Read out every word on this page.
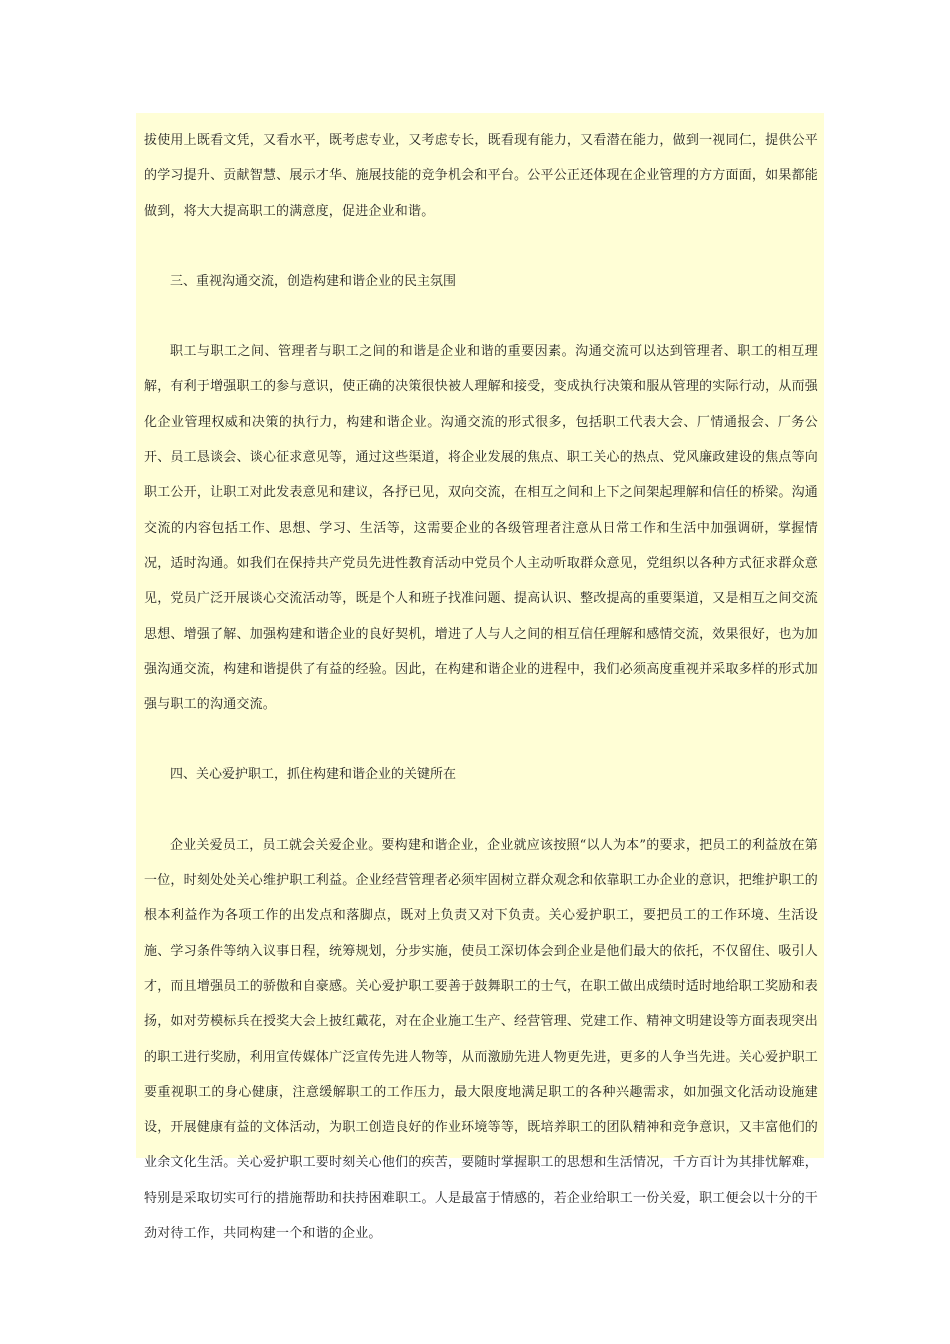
拔使用上既看文凭，又看水平，既考虑专业，又考虑专长，既看现有能力，又看潜在能力，做到一视同仁，提供公平的学习提升、贡献智慧、展示才华、施展技能的竞争机会和平台。公平公正还体现在企业管理的方方面面，如果都能做到，将大大提高职工的满意度，促进企业和谐。

三、重视沟通交流，创造构建和谐企业的民主氛围

职工与职工之间、管理者与职工之间的和谐是企业和谐的重要因素。沟通交流可以达到管理者、职工的相互理解，有利于增强职工的参与意识，使正确的决策很快被人理解和接受，变成执行决策和服从管理的实际行动，从而强化企业管理权威和决策的执行力，构建和谐企业。沟通交流的形式很多，包括职工代表大会、厂情通报会、厂务公开、员工恳谈会、谈心征求意见等，通过这些渠道，将企业发展的焦点、职工关心的热点、党风廉政建设的焦点等向职工公开，让职工对此发表意见和建议，各抒已见，双向交流，在相互之间和上下之间架起理解和信任的桥梁。沟通交流的内容包括工作、思想、学习、生活等，这需要企业的各级管理者注意从日常工作和生活中加强调研，掌握情况，适时沟通。如我们在保持共产党员先进性教育活动中党员个人主动听取群众意见，党组织以各种方式征求群众意见，党员广泛开展谈心交流活动等，既是个人和班子找准问题、提高认识、整改提高的重要渠道，又是相互之间交流思想、增强了解、加强构建和谐企业的良好契机，增进了人与人之间的相互信任理解和感情交流，效果很好，也为加强沟通交流，构建和谐提供了有益的经验。因此，在构建和谐企业的进程中，我们必须高度重视并采取多样的形式加强与职工的沟通交流。

四、关心爱护职工，抓住构建和谐企业的关键所在

企业关爱员工，员工就会关爱企业。要构建和谐企业，企业就应该按照“以人为本”的要求，把员工的利益放在第一位，时刻处处关心维护职工利益。企业经营管理者必须牢固树立群众观念和依靠职工办企业的意识，把维护职工的根本利益作为各项工作的出发点和落脚点，既对上负责又对下负责。关心爱护职工，要把员工的工作环境、生活设施、学习条件等纳入议事日程，统筹规划，分步实施，使员工深切体会到企业是他们最大的依托，不仅留住、吸引人才，而且增强员工的骄傲和自豪感。关心爱护职工要善于鼓舞职工的士气，在职工做出成绩时适时地给职工奖励和表扬，如对劳模标兵在授奖大会上披红戴花，对在企业施工生产、经营管理、党建工作、精神文明建设等方面表现突出的职工进行奖励，利用宣传媒体广泛宣传先进人物等，从而激励先进人物更先进，更多的人争当先进。关心爱护职工要重视职工的身心健康，注意缓解职工的工作压力，最大限度地满足职工的各种兴趣需求，如加强文化活动设施建设，开展健康有益的文体活动，为职工创造良好的作业环境等等，既培养职工的团队精神和竞争意识，又丰富他们的业余文化生活。关心爱护职工要时刻关心他们的疾苦，要随时掌握职工的思想和生活情况，千方百计为其排忧解难，特别是采取切实可行的措施帮助和扶持困难职工。人是最富于情感的，若企业给职工一份关爱，职工便会以十分的干劲对待工作，共同构建一个和谐的企业。
